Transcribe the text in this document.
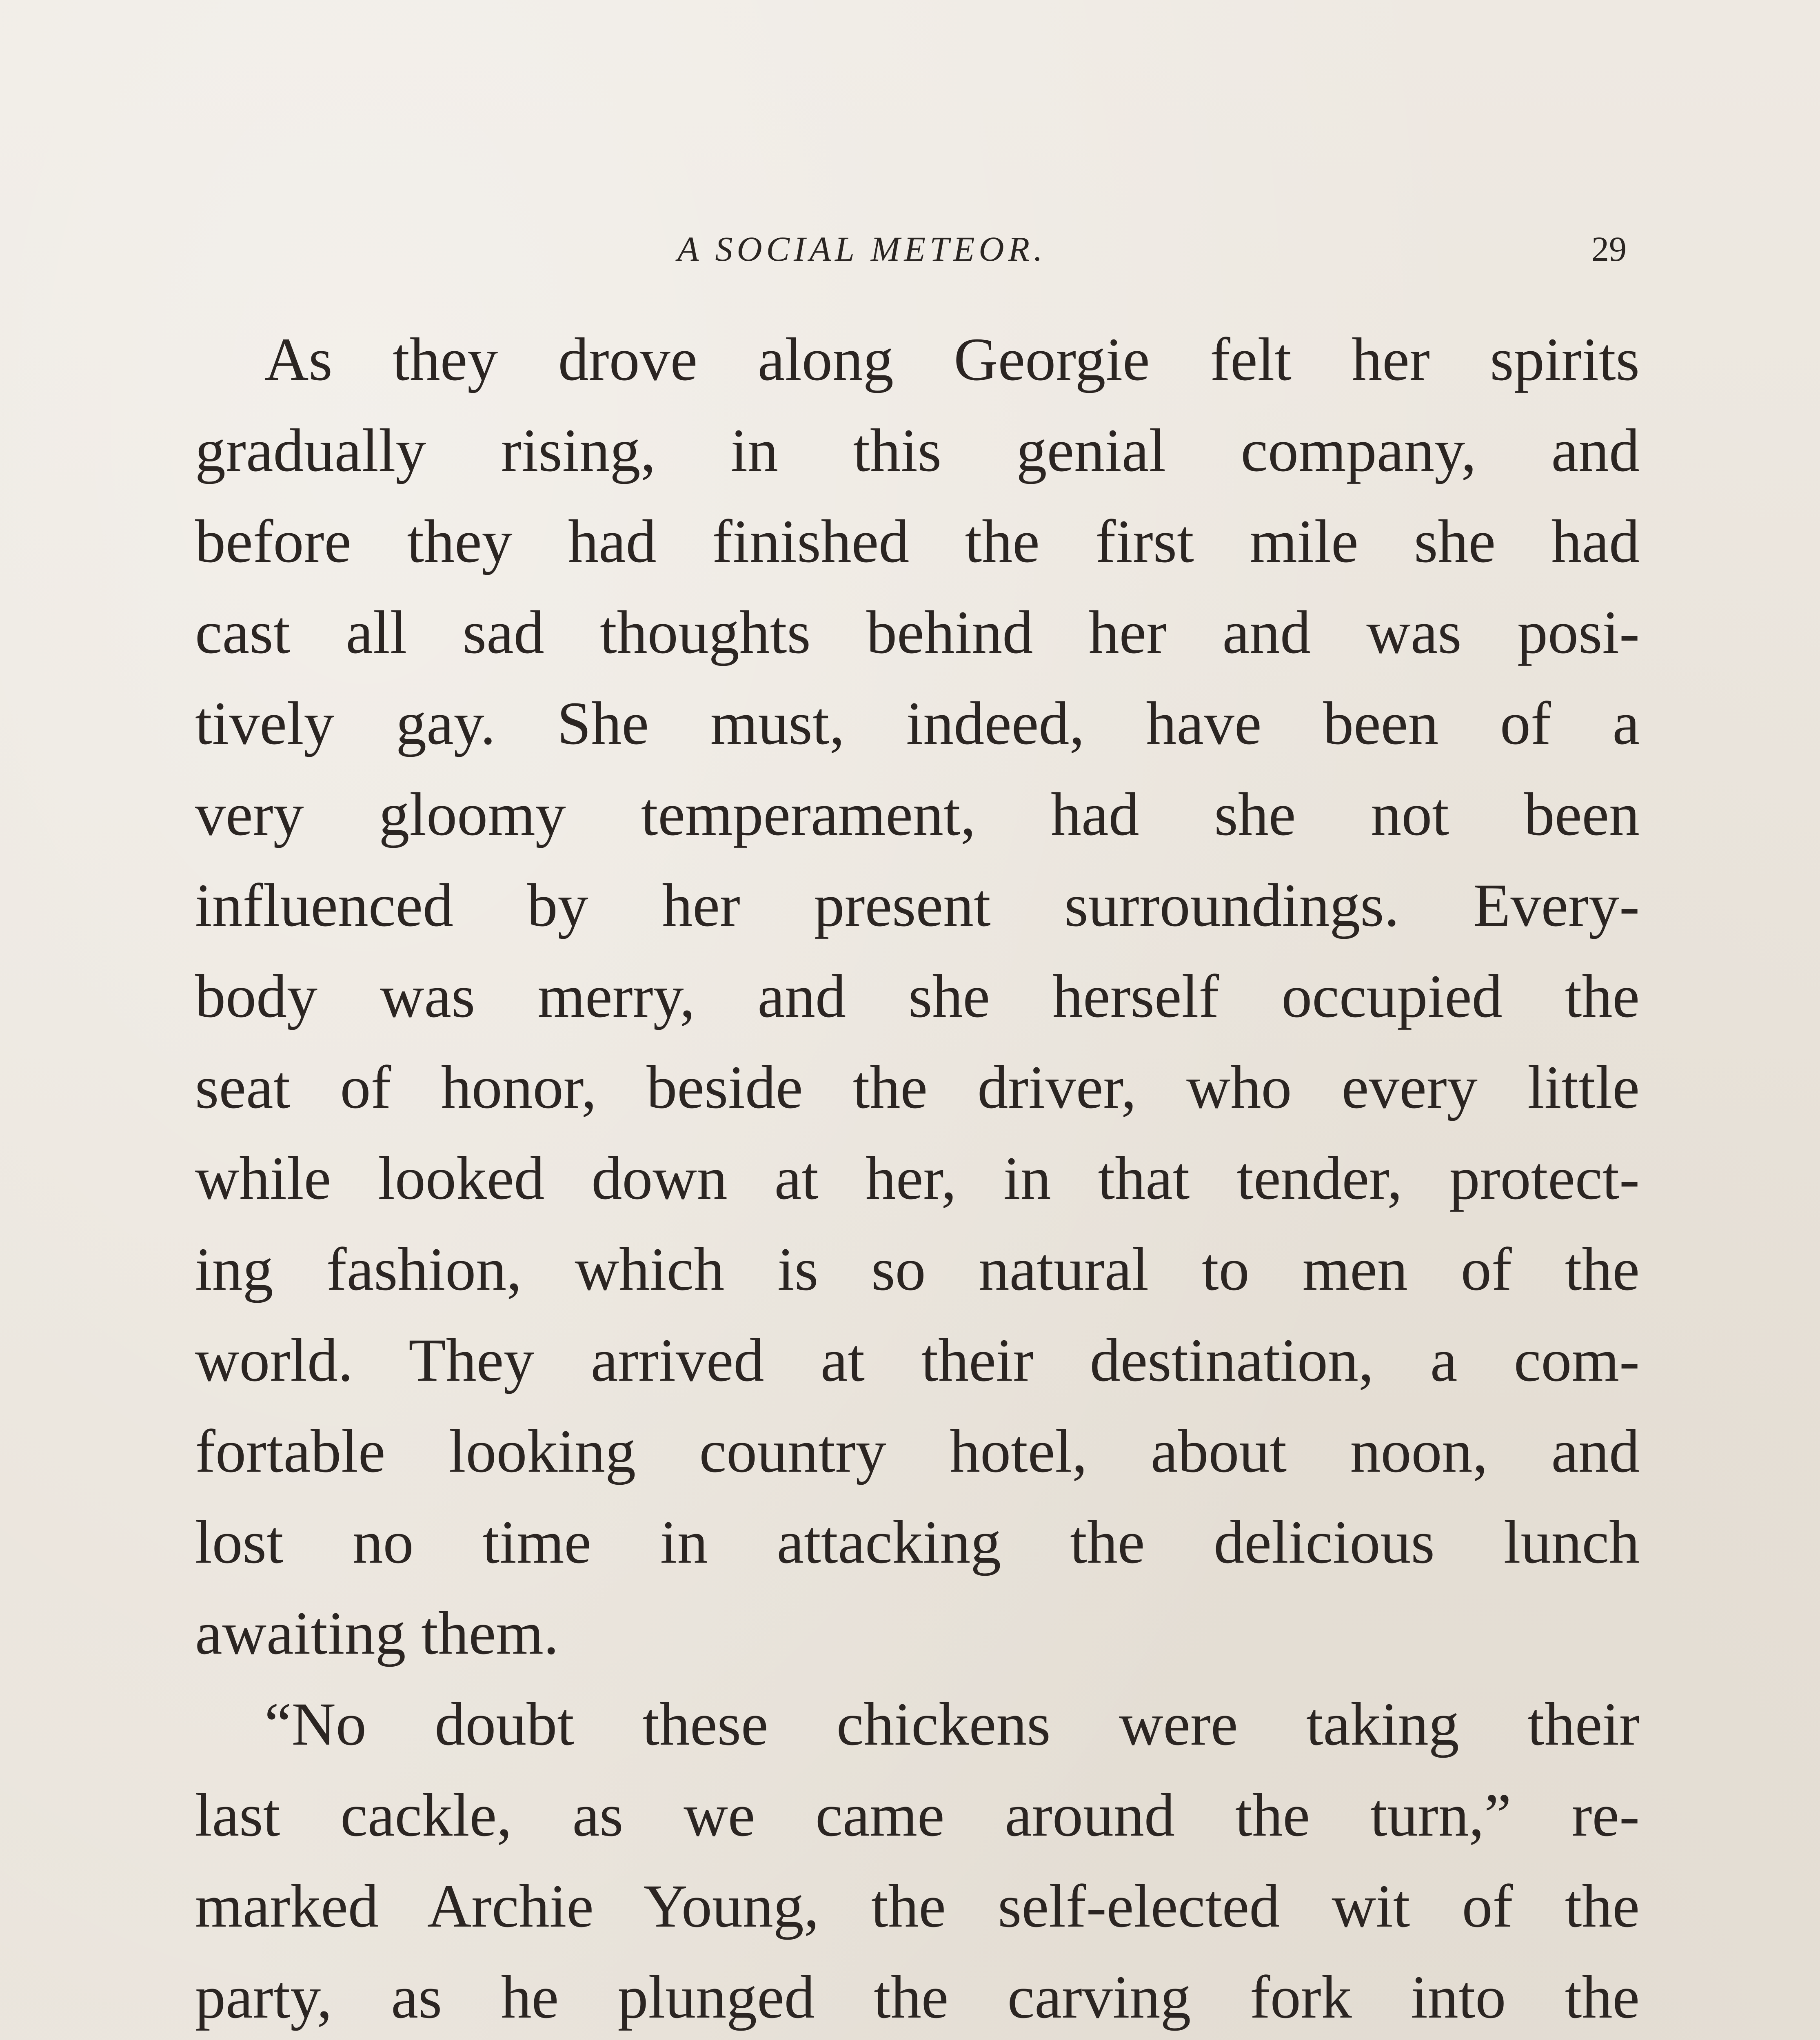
A SOCIAL METEOR.	29
As they drove along Georgie felt her spirits
gradually rising, in this genial company, and
before they had finished the first mile she had
cast all sad thoughts behind her and was posi-
tively gay. She must, indeed, have been of a
very gloomy temperament, had she not been
influenced by her present surroundings. Every-
body was merry, and she herself occupied the
seat of honor, beside the driver, who every little
while looked down at her, in that tender, protect-
ing fashion, which is so natural to men of the
world. They arrived at their destination, a com-
fortable looking country hotel, about noon, and
lost no time in attacking the delicious lunch
awaiting them.
“No doubt these chickens were taking their
last cackle, as we came around the turn,” re-
marked Archie Young, the self-elected wit of the
party, as he plunged the carving fork into the
